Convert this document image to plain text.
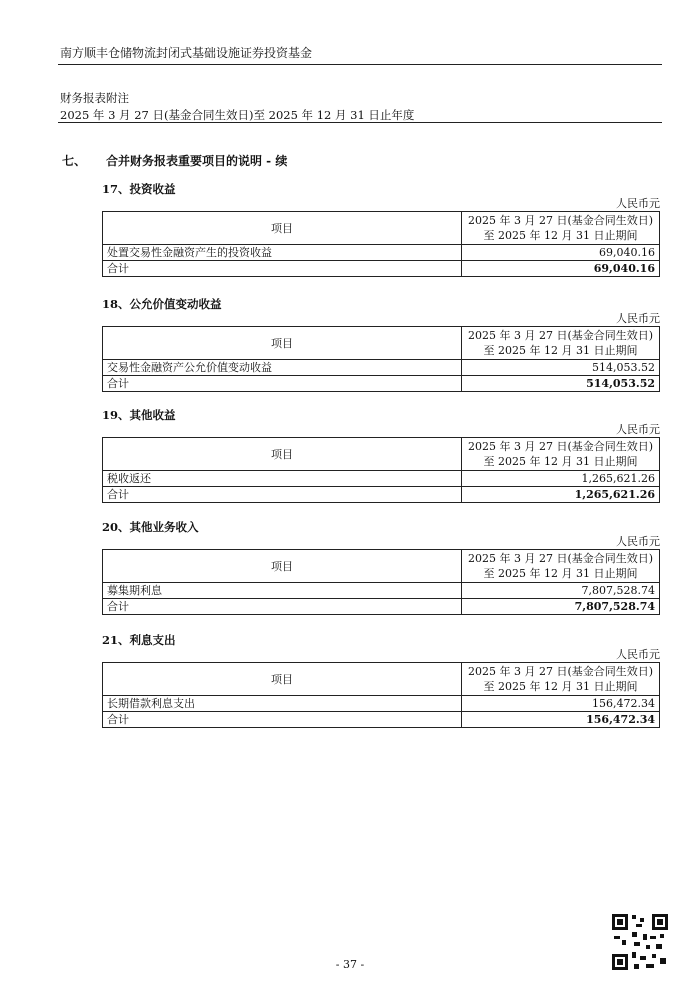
南方顺丰仓储物流封闭式基础设施证券投资基金
财务报表附注
2025 年 3 月 27 日(基金合同生效日)至 2025 年 12 月 31 日止年度
七、 合并财务报表重要项目的说明 - 续
17、投资收益
人民币元
项目	2025 年 3 月 27 日(基金合同生效日)
至 2025 年 12 月 31 日止期间
处置交易性金融资产生的投资收益	69,040.16
合计	69,040.16
18、公允价值变动收益
人民币元
项目	2025 年 3 月 27 日(基金合同生效日)
至 2025 年 12 月 31 日止期间
交易性金融资产公允价值变动收益	514,053.52
合计	514,053.52
19、其他收益
人民币元
项目	2025 年 3 月 27 日(基金合同生效日)
至 2025 年 12 月 31 日止期间
税收返还	1,265,621.26
合计	1,265,621.26
20、其他业务收入
人民币元
项目	2025 年 3 月 27 日(基金合同生效日)
至 2025 年 12 月 31 日止期间
募集期利息	7,807,528.74
合计	7,807,528.74
21、利息支出
人民币元
项目	2025 年 3 月 27 日(基金合同生效日)
至 2025 年 12 月 31 日止期间
长期借款利息支出	156,472.34
合计	156,472.34
- 37 -
